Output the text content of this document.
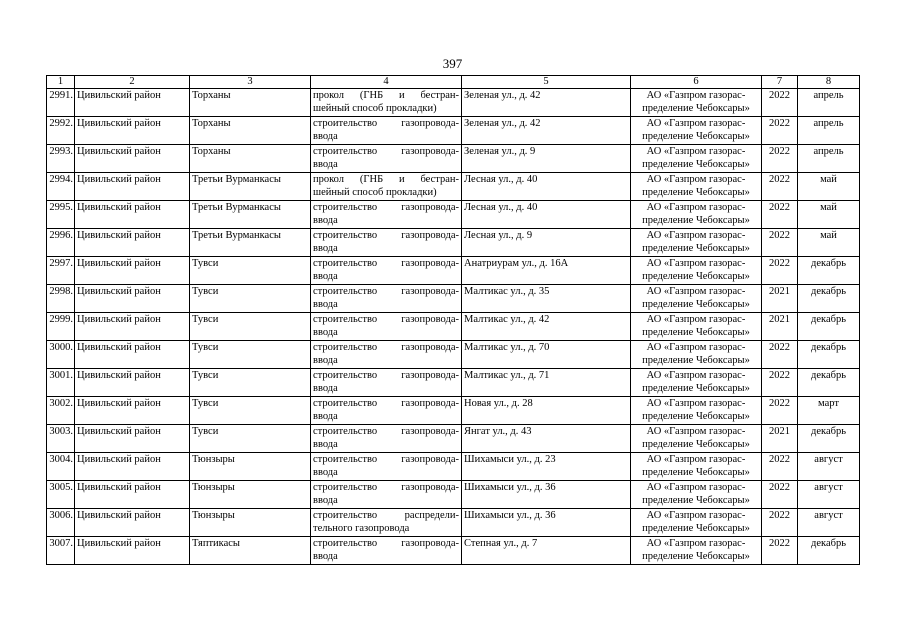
397
1	2	3	4	5	6	7	8
2991.	Цивильский район	Торханы	прокол (ГНБ и бестран-
шейный способ прокладки)	Зеленая ул., д. 42	АО «Газпром газорас-
пределение Чебоксары»	2022	апрель
2992.	Цивильский район	Торханы	строительство газопровода-
ввода	Зеленая ул., д. 42	АО «Газпром газорас-
пределение Чебоксары»	2022	апрель
2993.	Цивильский район	Торханы	строительство газопровода-
ввода	Зеленая ул., д. 9	АО «Газпром газорас-
пределение Чебоксары»	2022	апрель
2994.	Цивильский район	Третьи Вурманкасы	прокол (ГНБ и бестран-
шейный способ прокладки)	Лесная ул., д. 40	АО «Газпром газорас-
пределение Чебоксары»	2022	май
2995.	Цивильский район	Третьи Вурманкасы	строительство газопровода-
ввода	Лесная ул., д. 40	АО «Газпром газорас-
пределение Чебоксары»	2022	май
2996.	Цивильский район	Третьи Вурманкасы	строительство газопровода-
ввода	Лесная ул., д. 9	АО «Газпром газорас-
пределение Чебоксары»	2022	май
2997.	Цивильский район	Тувси	строительство газопровода-
ввода	Анатриурам ул., д. 16А	АО «Газпром газорас-
пределение Чебоксары»	2022	декабрь
2998.	Цивильский район	Тувси	строительство газопровода-
ввода	Малтикас ул., д. 35	АО «Газпром газорас-
пределение Чебоксары»	2021	декабрь
2999.	Цивильский район	Тувси	строительство газопровода-
ввода	Малтикас ул., д. 42	АО «Газпром газорас-
пределение Чебоксары»	2021	декабрь
3000.	Цивильский район	Тувси	строительство газопровода-
ввода	Малтикас ул., д. 70	АО «Газпром газорас-
пределение Чебоксары»	2022	декабрь
3001.	Цивильский район	Тувси	строительство газопровода-
ввода	Малтикас ул., д. 71	АО «Газпром газорас-
пределение Чебоксары»	2022	декабрь
3002.	Цивильский район	Тувси	строительство газопровода-
ввода	Новая ул., д. 28	АО «Газпром газорас-
пределение Чебоксары»	2022	март
3003.	Цивильский район	Тувси	строительство газопровода-
ввода	Янгат ул., д. 43	АО «Газпром газорас-
пределение Чебоксары»	2021	декабрь
3004.	Цивильский район	Тюнзыры	строительство газопровода-
ввода	Шихамыси ул., д. 23	АО «Газпром газорас-
пределение Чебоксары»	2022	август
3005.	Цивильский район	Тюнзыры	строительство газопровода-
ввода	Шихамыси ул., д. 36	АО «Газпром газорас-
пределение Чебоксары»	2022	август
3006.	Цивильский район	Тюнзыры	строительство распредели-
тельного газопровода	Шихамыси ул., д. 36	АО «Газпром газорас-
пределение Чебоксары»	2022	август
3007.	Цивильский район	Тяптикасы	строительство газопровода-
ввода	Степная ул., д. 7	АО «Газпром газорас-
пределение Чебоксары»	2022	декабрь
